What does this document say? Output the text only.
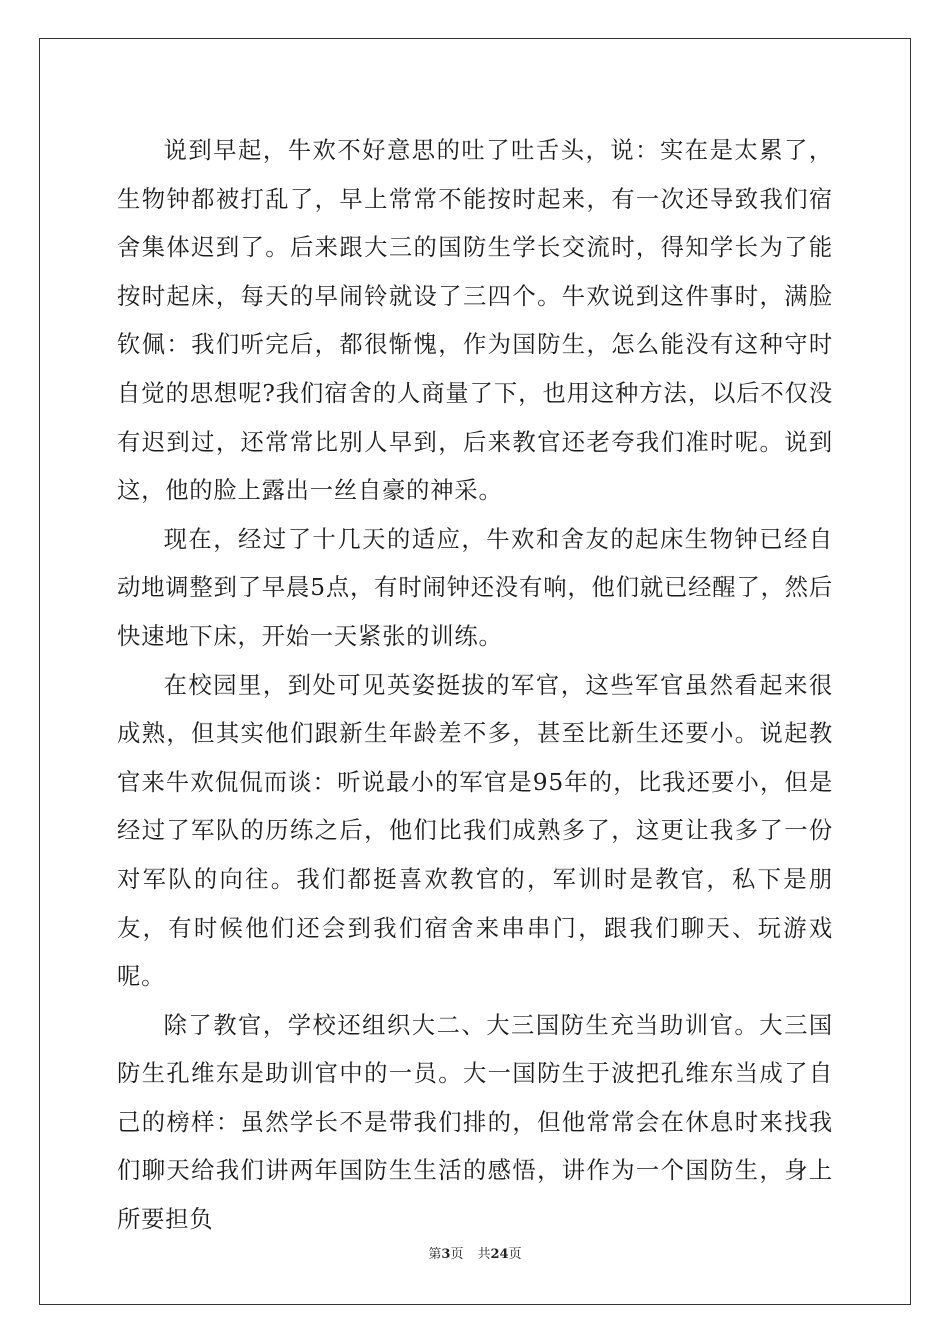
说到早起，牛欢不好意思的吐了吐舌头，说：实在是太累了，生物钟都被打乱了，早上常常不能按时起来，有一次还导致我们宿舍集体迟到了。后来跟大三的国防生学长交流时，得知学长为了能按时起床，每天的早闹铃就设了三四个。牛欢说到这件事时，满脸钦佩：我们听完后，都很惭愧，作为国防生，怎么能没有这种守时自觉的思想呢?我们宿舍的人商量了下，也用这种方法，以后不仅没有迟到过，还常常比别人早到，后来教官还老夸我们准时呢。说到这，他的脸上露出一丝自豪的神采。

现在，经过了十几天的适应，牛欢和舍友的起床生物钟已经自动地调整到了早晨5点，有时闹钟还没有响，他们就已经醒了，然后快速地下床，开始一天紧张的训练。

在校园里，到处可见英姿挺拔的军官，这些军官虽然看起来很成熟，但其实他们跟新生年龄差不多，甚至比新生还要小。说起教官来牛欢侃侃而谈：听说最小的军官是95年的，比我还要小，但是经过了军队的历练之后，他们比我们成熟多了，这更让我多了一份对军队的向往。我们都挺喜欢教官的，军训时是教官，私下是朋友，有时候他们还会到我们宿舍来串串门，跟我们聊天、玩游戏呢。

除了教官，学校还组织大二、大三国防生充当助训官。大三国防生孔维东是助训官中的一员。大一国防生于波把孔维东当成了自己的榜样：虽然学长不是带我们排的，但他常常会在休息时来找我们聊天给我们讲两年国防生生活的感悟，讲作为一个国防生，身上所要担负

第3页 共24页
